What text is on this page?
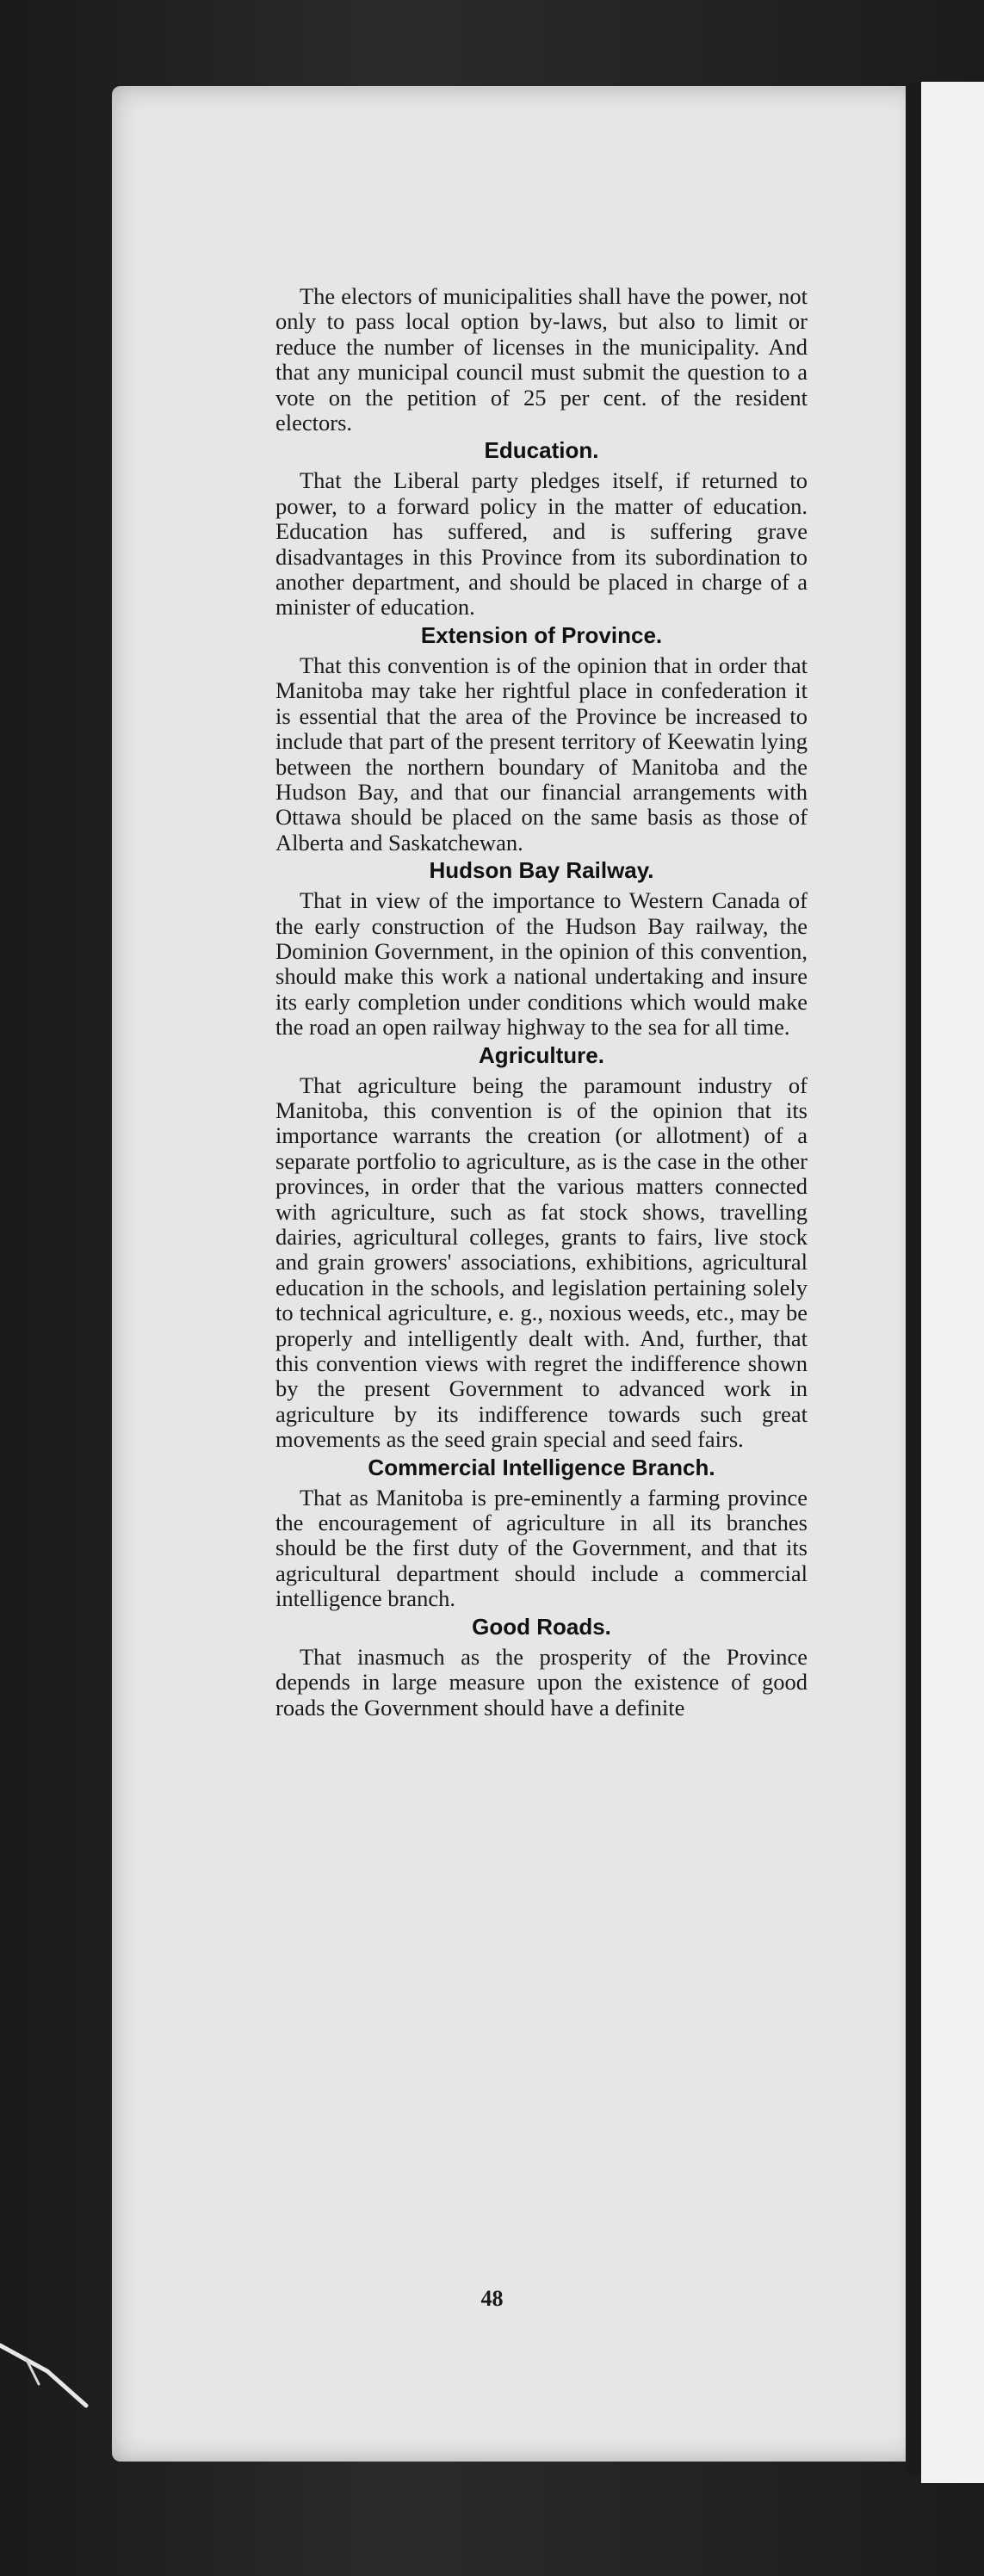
The electors of municipalities shall have the power, not only to pass local option by-laws, but also to limit or reduce the number of licenses in the municipality. And that any municipal council must submit the question to a vote on the petition of 25 per cent. of the resident electors.

Education.

That the Liberal party pledges itself, if returned to power, to a forward policy in the matter of education. Education has suffered, and is suffering grave disadvantages in this Province from its subordination to another department, and should be placed in charge of a minister of education.

Extension of Province.

That this convention is of the opinion that in order that Manitoba may take her rightful place in confederation it is essential that the area of the Province be increased to include that part of the present territory of Keewatin lying between the northern boundary of Manitoba and the Hudson Bay, and that our financial arrangements with Ottawa should be placed on the same basis as those of Alberta and Saskatchewan.

Hudson Bay Railway.

That in view of the importance to Western Canada of the early construction of the Hudson Bay railway, the Dominion Government, in the opinion of this convention, should make this work a national undertaking and insure its early completion under conditions which would make the road an open railway highway to the sea for all time.

Agriculture.

That agriculture being the paramount industry of Manitoba, this convention is of the opinion that its importance warrants the creation (or allotment) of a separate portfolio to agriculture, as is the case in the other provinces, in order that the various matters connected with agriculture, such as fat stock shows, travelling dairies, agricultural colleges, grants to fairs, live stock and grain growers' associations, exhibitions, agricultural education in the schools, and legislation pertaining solely to technical agriculture, e. g., noxious weeds, etc., may be properly and intelligently dealt with. And, further, that this convention views with regret the indifference shown by the present Government to advanced work in agriculture by its indifference towards such great movements as the seed grain special and seed fairs.

Commercial Intelligence Branch.

That as Manitoba is pre-eminently a farming province the encouragement of agriculture in all its branches should be the first duty of the Government, and that its agricultural department should include a commercial intelligence branch.

Good Roads.

That inasmuch as the prosperity of the Province depends in large measure upon the existence of good roads the Government should have a definite

48
